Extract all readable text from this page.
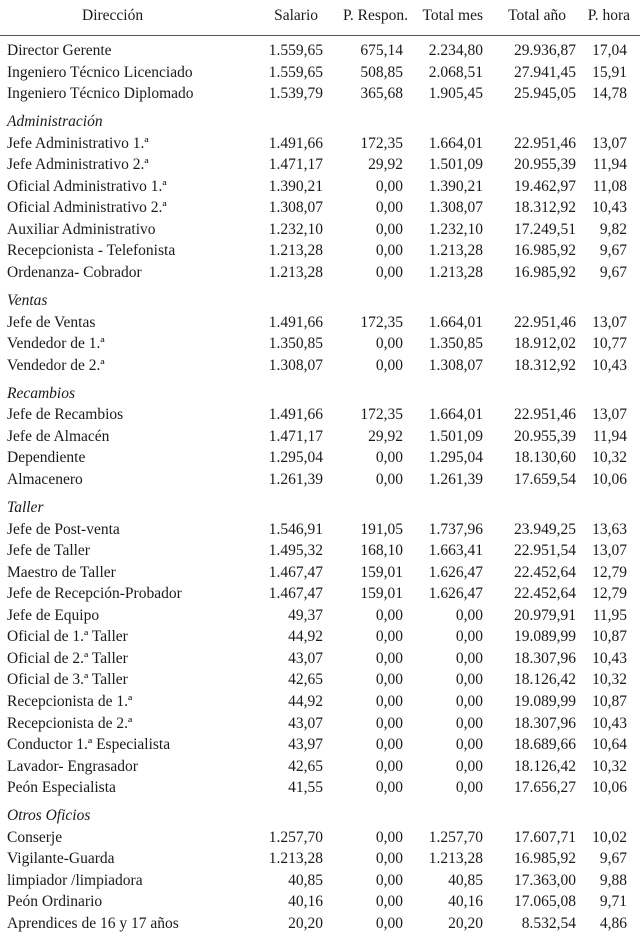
Dirección	Salario P. Respon. Total mes Total año P. hora
Director Gerente	1.559,65 675,14 2.234,80 29.936,87 17,04
Ingeniero Técnico Licenciado	1.559,65 508,85 2.068,51 27.941,45 15,91
Ingeniero Técnico Diplomado	1.539,79 365,68 1.905,45 25.945,05 14,78
Administración
Jefe Administrativo 1.ª	1.491,66 172,35 1.664,01 22.951,46 13,07
Jefe Administrativo 2.ª	1.471,17	29,92 1.501,09 20.955,39 11,94
Oficial Administrativo 1.ª	1.390,21	0,00 1.390,21 19.462,97 11,08
Oficial Administrativo 2.ª	1.308,07	0,00 1.308,07 18.312,92 10,43
Auxiliar Administrativo	1.232,10	0,00 1.232,10 17.249,51 9,82
Recepcionista - Telefonista	1.213,28	0,00 1.213,28 16.985,92 9,67
Ordenanza- Cobrador	1.213,28	0,00 1.213,28 16.985,92 9,67
Ventas
Jefe de Ventas	1.491,66 172,35 1.664,01 22.951,46 13,07
Vendedor de 1.ª	1.350,85	0,00 1.350,85 18.912,02 10,77
Vendedor de 2.ª	1.308,07	0,00 1.308,07 18.312,92 10,43
Recambios
Jefe de Recambios	1.491,66 172,35 1.664,01 22.951,46 13,07
Jefe de Almacén	1.471,17	29,92 1.501,09 20.955,39 11,94
Dependiente	1.295,04	0,00 1.295,04 18.130,60 10,32
Almacenero	1.261,39	0,00 1.261,39 17.659,54 10,06
Taller
Jefe de Post-venta	1.546,91 191,05 1.737,96 23.949,25 13,63
Jefe de Taller	1.495,32 168,10 1.663,41 22.951,54 13,07
Maestro de Taller	1.467,47 159,01 1.626,47 22.452,64 12,79
Jefe de Recepción-Probador	1.467,47 159,01 1.626,47 22.452,64 12,79
Jefe de Equipo	49,37	0,00	0,00 20.979,91 11,95
Oficial de 1.ª Taller	44,92	0,00	0,00 19.089,99 10,87
Oficial de 2.ª Taller	43,07	0,00	0,00 18.307,96 10,43
Oficial de 3.ª Taller	42,65	0,00	0,00 18.126,42 10,32
Recepcionista de 1.ª	44,92	0,00	0,00 19.089,99 10,87
Recepcionista de 2.ª	43,07	0,00	0,00 18.307,96 10,43
Conductor 1.ª Especialista	43,97	0,00	0,00 18.689,66 10,64
Lavador- Engrasador	42,65	0,00	0,00 18.126,42 10,32
Peón Especialista	41,55	0,00	0,00 17.656,27 10,06
Otros Oficios
Conserje	1.257,70	0,00 1.257,70 17.607,71 10,02
Vigilante-Guarda	1.213,28	0,00 1.213,28 16.985,92 9,67
limpiador /limpiadora	40,85	0,00	40,85 17.363,00 9,88
Peón Ordinario	40,16	0,00	40,16 17.065,08 9,71
Aprendices de 16 y 17 años	20,20	0,00	20,20	8.532,54 4,86
